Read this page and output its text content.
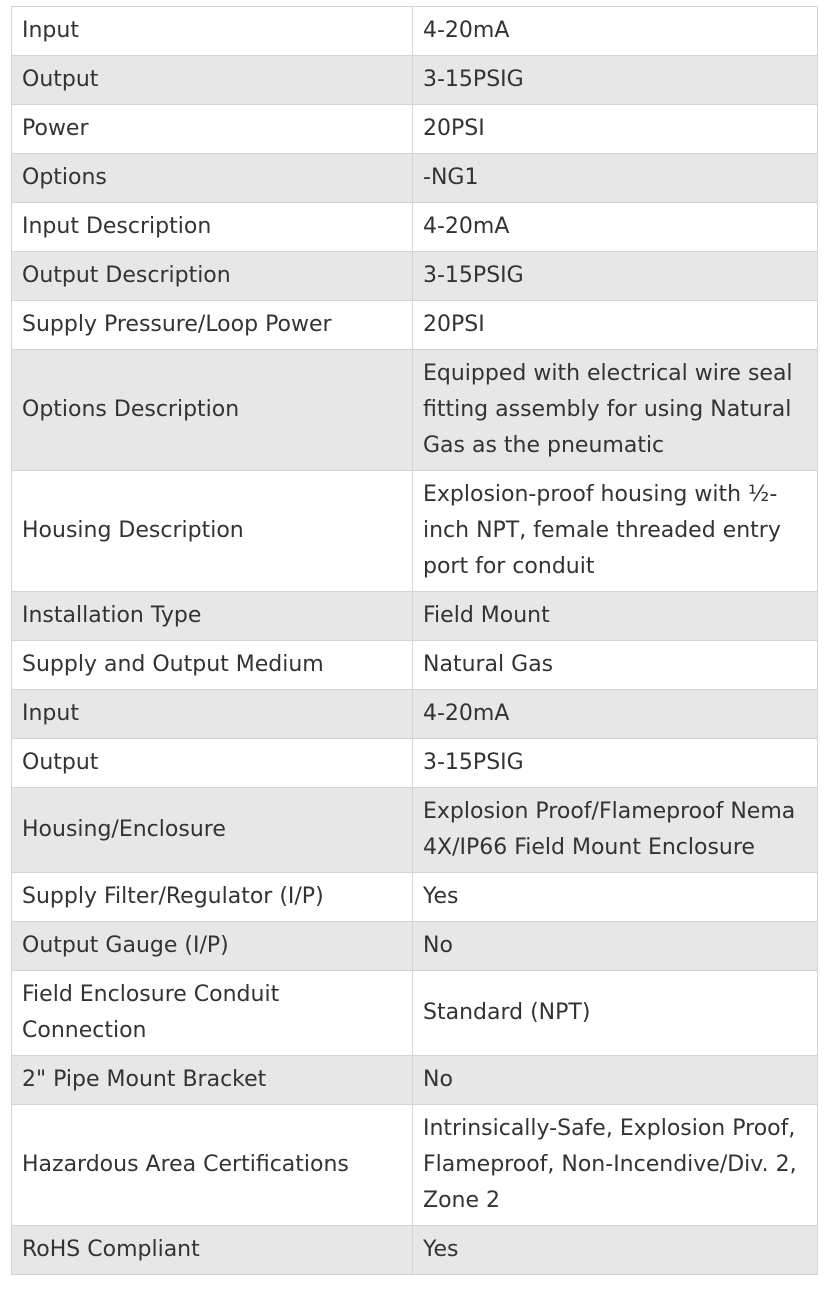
Input	4-20mA
Output	3-15PSIG
Power	20PSI
Options	-NG1
Input Description	4-20mA
Output Description	3-15PSIG
Supply Pressure/Loop Power	20PSI
Options Description	Equipped with electrical wire seal fitting assembly for using Natural Gas as the pneumatic
Housing Description	Explosion-proof housing with ½-inch NPT, female threaded entry port for conduit
Installation Type	Field Mount
Supply and Output Medium	Natural Gas
Input	4-20mA
Output	3-15PSIG
Housing/Enclosure	Explosion Proof/Flameproof Nema 4X/IP66 Field Mount Enclosure
Supply Filter/Regulator (I/P)	Yes
Output Gauge (I/P)	No
Field Enclosure Conduit Connection	Standard (NPT)
2" Pipe Mount Bracket	No
Hazardous Area Certifications	Intrinsically-Safe, Explosion Proof, Flameproof, Non-Incendive/Div. 2, Zone 2
RoHS Compliant	Yes
